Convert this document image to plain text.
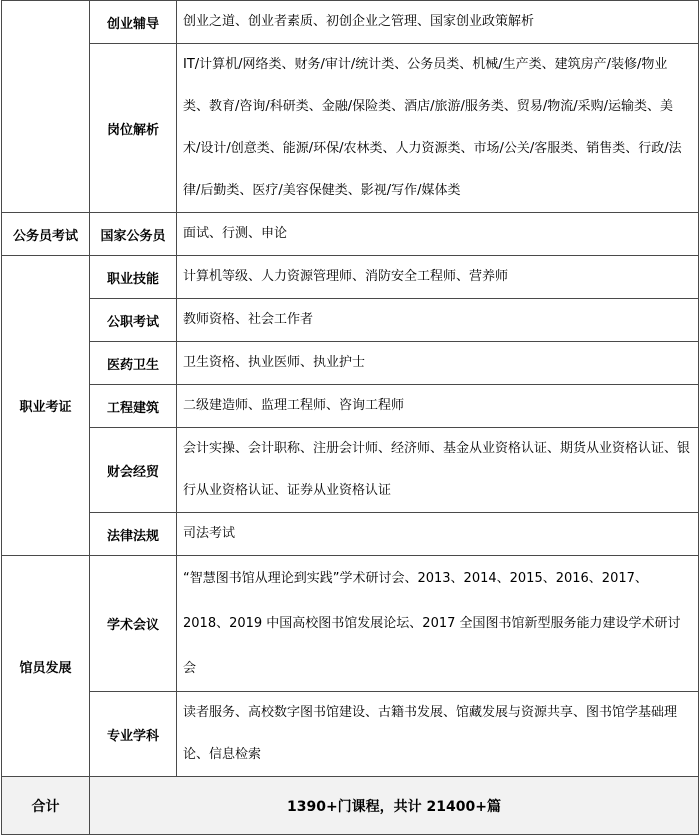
	创业辅导	创业之道、创业者素质、初创企业之管理、国家创业政策解析
	岗位解析	IT/计算机/网络类、财务/审计/统计类、公务员类、机械/生产类、建筑房产/装修/物业类、教育/咨询/科研类、金融/保险类、酒店/旅游/服务类、贸易/物流/采购/运输类、美术/设计/创意类、能源/环保/农林类、人力资源类、市场/公关/客服类、销售类、行政/法律/后勤类、医疗/美容保健类、影视/写作/媒体类
公务员考试	国家公务员	面试、行测、申论
职业考证	职业技能	计算机等级、人力资源管理师、消防安全工程师、营养师
	公职考试	教师资格、社会工作者
	医药卫生	卫生资格、执业医师、执业护士
	工程建筑	二级建造师、监理工程师、咨询工程师
	财会经贸	会计实操、会计职称、注册会计师、经济师、基金从业资格认证、期货从业资格认证、银行从业资格认证、证券从业资格认证
	法律法规	司法考试
馆员发展	学术会议	“智慧图书馆从理论到实践”学术研讨会、2013、2014、2015、2016、2017、2018、2019 中国高校图书馆发展论坛、2017 全国图书馆新型服务能力建设学术研讨会
	专业学科	读者服务、高校数字图书馆建设、古籍书发展、馆藏发展与资源共享、图书馆学基础理论、信息检索
合计	1390+门课程，共计 21400+篇	
